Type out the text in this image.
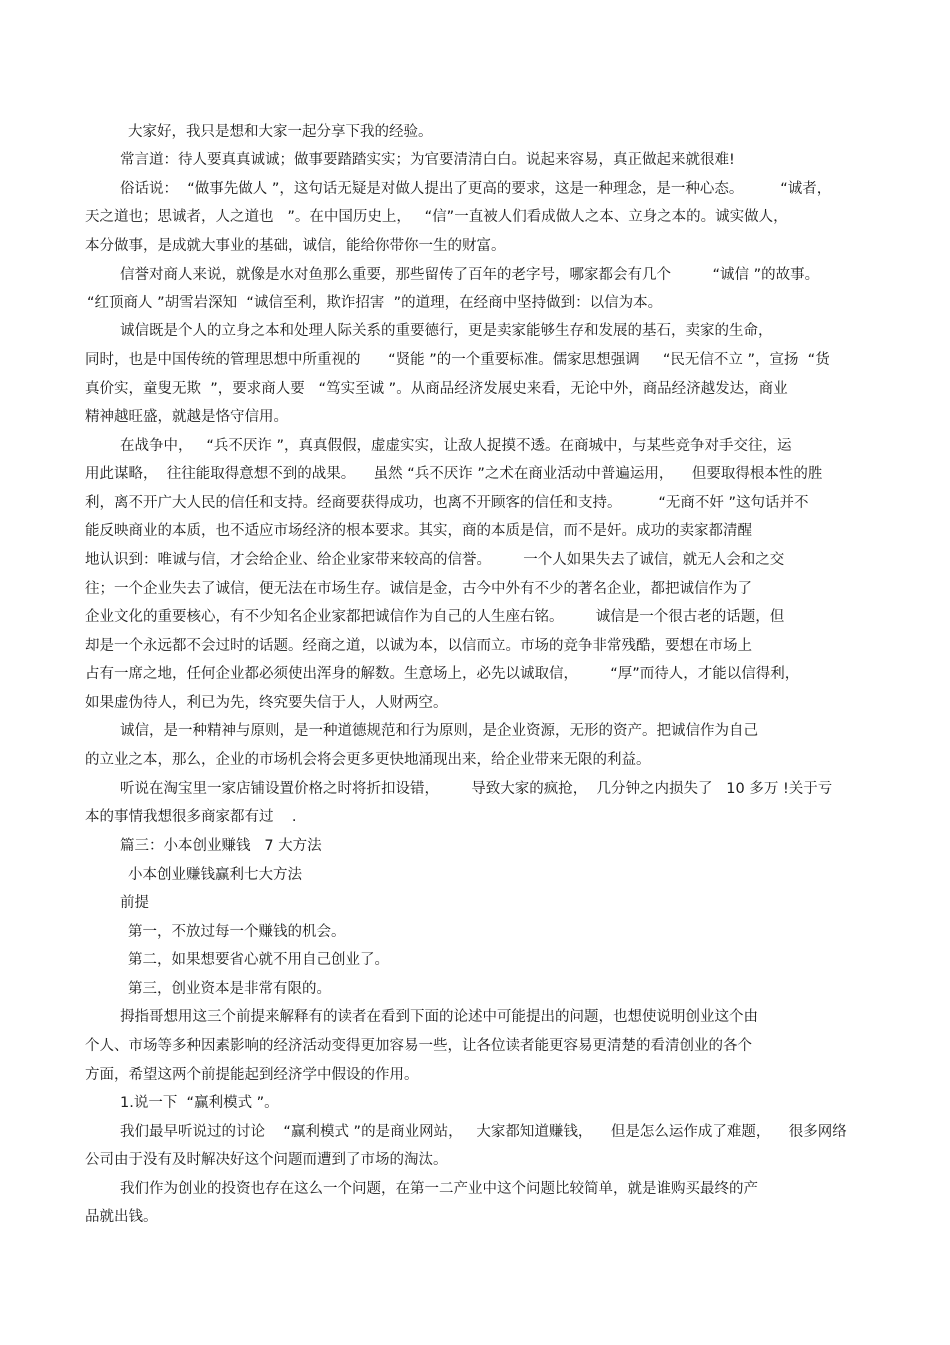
大家好，我只是想和大家一起分享下我的经验。
常言道：待人要真真诚诚；做事要踏踏实实；为官要清清白白。说起来容易，真正做起来就很难!
俗话说：  “做事先做人 ”，这句话无疑是对做人提出了更高的要求，这是一种理念，是一种心态。        “诚者，
天之道也；思诚者，人之道也   ”。在中国历史上，   “信”一直被人们看成做人之本、立身之本的。诚实做人，
本分做事，是成就大事业的基础，诚信，能给你带你一生的财富。
信誉对商人来说，就像是水对鱼那么重要，那些留传了百年的老字号，哪家都会有几个         “诚信 ”的故事。
“红顶商人 ”胡雪岩深知  “诚信至利，欺诈招害  ”的道理，在经商中坚持做到：以信为本。
诚信既是个人的立身之本和处理人际关系的重要德行，更是卖家能够生存和发展的基石，卖家的生命，
同时，也是中国传统的管理思想中所重视的      “贤能 ”的一个重要标准。儒家思想强调     “民无信不立 ”，宣扬  “货
真价实，童叟无欺  ”，要求商人要   “笃实至诚 ”。从商品经济发展史来看，无论中外，商品经济越发达，商业
精神越旺盛，就越是恪守信用。
在战争中，   “兵不厌诈 ”，真真假假，虚虚实实，让敌人捉摸不透。在商城中，与某些竞争对手交往，运
用此谋略，  往往能取得意想不到的战果。    虽然 “兵不厌诈 ”之术在商业活动中普遍运用，    但要取得根本性的胜
利，离不开广大人民的信任和支持。经商要获得成功，也离不开顾客的信任和支持。        “无商不奸 ”这句话并不
能反映商业的本质，也不适应市场经济的根本要求。其实，商的本质是信，而不是奸。成功的卖家都清醒
地认识到：唯诚与信，才会给企业、给企业家带来较高的信誉。       一个人如果失去了诚信，就无人会和之交
往；一个企业失去了诚信，便无法在市场生存。诚信是金，古今中外有不少的著名企业，都把诚信作为了
企业文化的重要核心，有不少知名企业家都把诚信作为自己的人生座右铭。       诚信是一个很古老的话题，但
却是一个永远都不会过时的话题。经商之道，以诚为本，以信而立。市场的竞争非常残酷，要想在市场上
占有一席之地，任何企业都必须使出浑身的解数。生意场上，必先以诚取信，       “厚”而待人，才能以信得利，
如果虚伪待人，利已为先，终究要失信于人，人财两空。
诚信，是一种精神与原则，是一种道德规范和行为原则，是企业资源，无形的资产。把诚信作为自己
的立业之本，那么，企业的市场机会将会更多更快地涌现出来，给企业带来无限的利益。
听说在淘宝里一家店铺设置价格之时将折扣设错，       导致大家的疯抢，  几分钟之内损失了   10 多万 !关于亏
本的事情我想很多商家都有过    .
篇三：小本创业赚钱   7 大方法
小本创业赚钱赢利七大方法
前提
第一，不放过每一个赚钱的机会。
第二，如果想要省心就不用自己创业了。
第三，创业资本是非常有限的。
拇指哥想用这三个前提来解释有的读者在看到下面的论述中可能提出的问题，也想使说明创业这个由
个人、市场等多种因素影响的经济活动变得更加容易一些，让各位读者能更容易更清楚的看清创业的各个
方面，希望这两个前提能起到经济学中假设的作用。
1.说一下  “赢利模式 ”。
我们最早听说过的讨论    “赢利模式 ”的是商业网站，   大家都知道赚钱，    但是怎么运作成了难题，    很多网络
公司由于没有及时解决好这个问题而遭到了市场的淘汰。
我们作为创业的投资也存在这么一个问题，在第一二产业中这个问题比较简单，就是谁购买最终的产
品就出钱。
